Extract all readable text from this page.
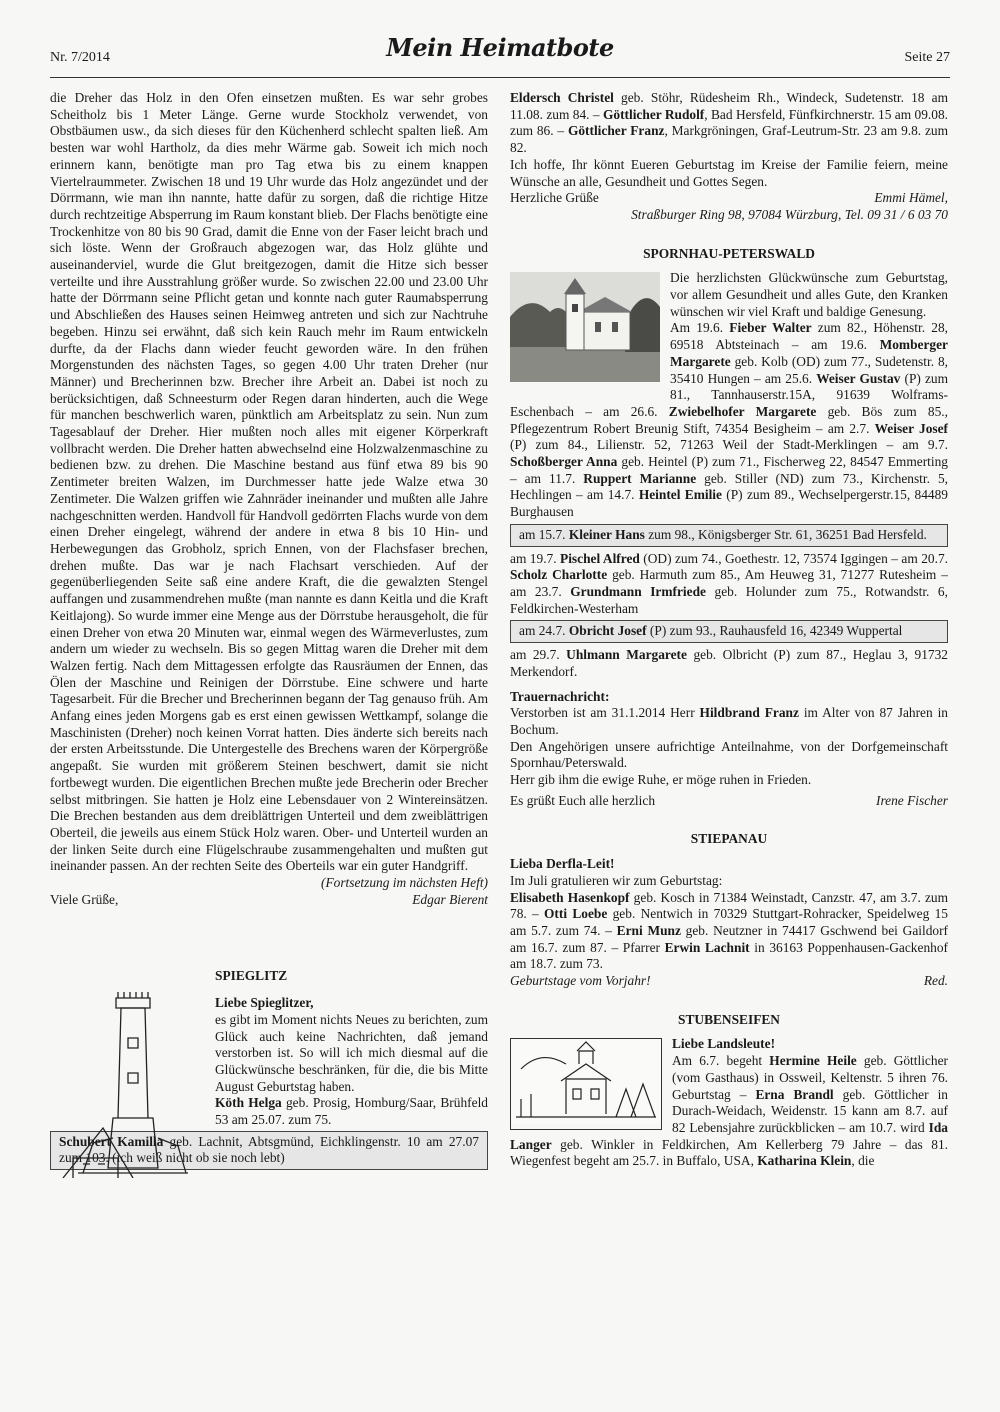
Nr. 7/2014	Mein Heimatbote	Seite 27

die Dreher das Holz in den Ofen einsetzen mußten. Es war sehr grobes Scheitholz bis 1 Meter Länge. Gerne wurde Stockholz verwendet, von Obstbäumen usw., da sich dieses für den Küchenherd schlecht spalten ließ. Am besten war wohl Hartholz, da dies mehr Wärme gab. Soweit ich mich noch erinnern kann, benötigte man pro Tag etwa bis zu einem knappen Viertelraummeter. Zwischen 18 und 19 Uhr wurde das Holz angezündet und der Dörrmann, wie man ihn nannte, hatte dafür zu sorgen, daß die richtige Hitze durch rechtzeitige Absperrung im Raum konstant blieb. Der Flachs benötigte eine Trockenhitze von 80 bis 90 Grad, damit die Enne von der Faser leicht brach und sich löste. Wenn der Großrauch abgezogen war, das Holz glühte und auseinanderviel, wurde die Glut breitgezogen, damit die Hitze sich besser verteilte und ihre Ausstrahlung größer wurde. So zwischen 22.00 und 23.00 Uhr hatte der Dörrmann seine Pflicht getan und konnte nach guter Raumabsperrung und Abschließen des Hauses seinen Heimweg antreten und sich zur Nachtruhe begeben. Hinzu sei erwähnt, daß sich kein Rauch mehr im Raum entwickeln durfte, da der Flachs dann wieder feucht geworden wäre. In den frühen Morgenstunden des nächsten Tages, so gegen 4.00 Uhr traten Dreher (nur Männer) und Brecherinnen bzw. Brecher ihre Arbeit an. Dabei ist noch zu berücksichtigen, daß Schneesturm oder Regen daran hinderten, auch die Wege für manchen beschwerlich waren, pünktlich am Arbeitsplatz zu sein. Nun zum Tagesablauf der Dreher. Hier mußten noch alles mit eigener Körperkraft vollbracht werden. Die Dreher hatten abwechselnd eine Holzwalzenmaschine zu bedienen bzw. zu drehen. Die Maschine bestand aus fünf etwa 89 bis 90 Zentimeter breiten Walzen, im Durchmesser hatte jede Walze etwa 30 Zentimeter. Die Walzen griffen wie Zahnräder ineinander und mußten alle Jahre nachgeschnitten werden. Handvoll für Handvoll gedörrten Flachs wurde von dem einen Dreher eingelegt, während der andere in etwa 8 bis 10 Hin- und Herbewegungen das Grobholz, sprich Ennen, von der Flachsfaser brechen, drehen mußte. Das war je nach Flachsart verschieden. Auf der gegenüberliegenden Seite saß eine andere Kraft, die die gewalzten Stengel auffangen und zusammendrehen mußte (man nannte es dann Keitla und die Kraft Keitlajong). So wurde immer eine Menge aus der Dörrstube herausgeholt, die für einen Dreher von etwa 20 Minuten war, einmal wegen des Wärmeverlustes, zum andern um wieder zu wechseln. Bis so gegen Mittag waren die Dreher mit dem Walzen fertig. Nach dem Mittagessen erfolgte das Rausräumen der Ennen, das Ölen der Maschine und Reinigen der Dörrstube. Eine schwere und harte Tagesarbeit. Für die Brecher und Brecherinnen begann der Tag genauso früh. Am Anfang eines jeden Morgens gab es erst einen gewissen Wettkampf, solange die Maschinisten (Dreher) noch keinen Vorrat hatten. Dies änderte sich bereits nach der ersten Arbeitsstunde. Die Untergestelle des Brechens waren der Körpergröße angepaßt. Sie wurden mit größerem Steinen beschwert, damit sie nicht fortbewegt wurden. Die eigentlichen Brechen mußte jede Brecherin oder Brecher selbst mitbringen. Sie hatten je Holz eine Lebensdauer von 2 Wintereinsätzen. Die Brechen bestanden aus dem dreiblättrigen Unterteil und dem zweiblättrigen Oberteil, die jeweils aus einem Stück Holz waren. Ober- und Unterteil wurden an der linken Seite durch eine Flügelschraube zusammengehalten und mußten gut ineinander passen. An der rechten Seite des Oberteils war ein guter Handgriff.

(Fortsetzung im nächsten Heft)

Viele Grüße,	Edgar Bierent
SPIEGLITZ

Liebe Spieglitzer,

es gibt im Moment nichts Neues zu berichten, zum Glück auch keine Nachrichten, daß jemand verstorben ist. So will ich mich diesmal auf die Glückwünsche beschränken, für die, die bis Mitte August Geburtstag haben.

Köth Helga geb. Prosig, Homburg/Saar, Brühfeld 53 am 25.07. zum 75.

Schubert Kamilla geb. Lachnit, Abtsgmünd, Eichklingenstr. 10 am 27.07 zum 103. (ich weiß nicht ob sie noch lebt)

Eldersch Christel geb. Stöhr, Rüdesheim Rh., Windeck, Sudetenstr. 18 am 11.08. zum 84. – Göttlicher Rudolf, Bad Hersfeld, Fünfkirchnerstr. 15 am 09.08. zum 86. – Göttlicher Franz, Markgröningen, Graf-Leutrum-Str. 23 am 9.8. zum 82.

Ich hoffe, Ihr könnt Eueren Geburtstag im Kreise der Familie feiern, meine Wünsche an alle, Gesundheit und Gottes Segen.

Herzliche Grüße	Emmi Hämel,

Straßburger Ring 98, 97084 Würzburg, Tel. 09 31 / 6 03 70

SPORNHAU-PETERSWALD

Die herzlichsten Glückwünsche zum Geburtstag, vor allem Gesundheit und alles Gute, den Kranken wünschen wir viel Kraft und baldige Genesung.

Am 19.6. Fieber Walter zum 82., Höhenstr. 28, 69518 Abtsteinach – am 19.6. Momberger Margarete geb. Kolb (OD) zum 77., Sudetenstr. 8, 35410 Hungen – am 25.6. Weiser Gustav (P) zum 81., Tannhauserstr.15A, 91639 Wolframs-Eschenbach – am 26.6. Zwiebelhofer Margarete geb. Bös zum 85., Pflegezentrum Robert Breunig Stift, 74354 Besigheim – am 2.7. Weiser Josef (P) zum 84., Lilienstr. 52, 71263 Weil der Stadt-Merklingen – am 9.7. Schoßberger Anna geb. Heintel (P) zum 71., Fischerweg 22, 84547 Emmerting – am 11.7. Ruppert Marianne geb. Stiller (ND) zum 73., Kirchenstr. 5, Hechlingen – am 14.7. Heintel Emilie (P) zum 89., Wechselpergerstr.15, 84489 Burghausen

am 15.7. Kleiner Hans zum 98., Königsberger Str. 61, 36251 Bad Hersfeld.

am 19.7. Pischel Alfred (OD) zum 74., Goethestr. 12, 73574 Iggingen – am 20.7. Scholz Charlotte geb. Harmuth zum 85., Am Heuweg 31, 71277 Rutesheim – am 23.7. Grundmann Irmfriede geb. Holunder zum 75., Rotwandstr. 6, Feldkirchen-Westerham

am 24.7. Obricht Josef (P) zum 93., Rauhausfeld 16, 42349 Wuppertal

am 29.7. Uhlmann Margarete geb. Olbricht (P) zum 87., Heglau 3, 91732 Merkendorf.

Trauernachricht:

Verstorben ist am 31.1.2014 Herr Hildbrand Franz im Alter von 87 Jahren in Bochum.

Den Angehörigen unsere aufrichtige Anteilnahme, von der Dorfgemeinschaft Spornhau/Peterswald.

Herr gib ihm die ewige Ruhe, er möge ruhen in Frieden.

Es grüßt Euch alle herzlich	Irene Fischer
STIEPANAU

Lieba Derfla-Leit!

Im Juli gratulieren wir zum Geburtstag:

Elisabeth Hasenkopf geb. Kosch in 71384 Weinstadt, Canzstr. 47, am 3.7. zum 78. – Otti Loebe geb. Nentwich in 70329 Stuttgart-Rohracker, Speidelweg 15 am 5.7. zum 74. – Erni Munz geb. Neutzner in 74417 Gschwend bei Gaildorf am 16.7. zum 87. – Pfarrer Erwin Lachnit in 36163 Poppenhausen-Gackenhof am 18.7. zum 73.

Geburtstage vom Vorjahr!	Red.
STUBENSEIFEN

Liebe Landsleute!

Am 6.7. begeht Hermine Heile geb. Göttlicher (vom Gasthaus) in Ossweil, Keltenstr. 5 ihren 76. Geburtstag – Erna Brandl geb. Göttlicher in Durach-Weidach, Weidenstr. 15 kann am 8.7. auf 82 Lebensjahre zurückblicken – am 10.7. wird Ida Langer geb. Winkler in Feldkirchen, Am Kellerberg 79 Jahre – das 81. Wiegenfest begeht am 25.7. in Buffalo, USA, Katharina Klein, die
